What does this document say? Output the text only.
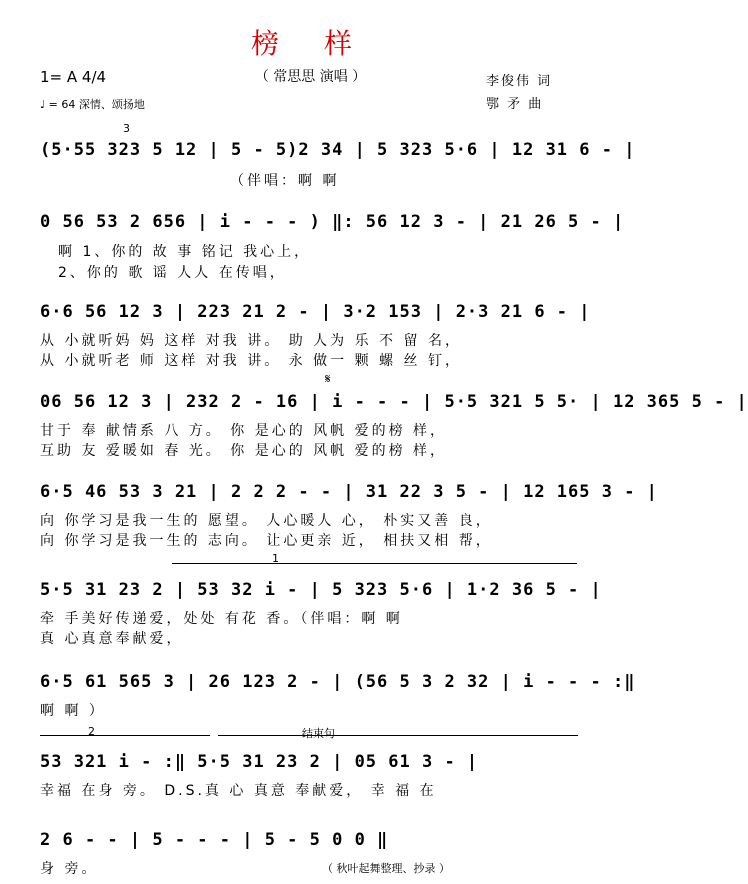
榜 样
（ 常思思 演唱 ）
1= A 4/4
♩ = 64 深情、颂扬地
李俊伟 词
鄂 矛 曲
(5·55 323 5 12 | 5 - 5)2 34 | 5 323 5·6 | 12 31 6 - |
（伴唱：啊 啊
3
0 56 53 2 656 | i - - - ) ‖: 56 12 3 - | 21 26 5 - |
啊 1、你的 故 事 铭记 我心上，
2、你的 歌 谣 人人 在传唱，
6·6 56 12 3 | 223 21 2 - | 3·2 153 | 2·3 21 6 - |
从 小就听妈 妈 这样 对我 讲。 助 人为 乐 不 留 名，
从 小就听老 师 这样 对我 讲。 永 做一 颗 螺 丝 钉，
06 56 12 3 | 232 2 - 16 | i - - - | 5·5 321 5 5· | 12 365 5 - |
𝄋
甘于 奉 献情系 八 方。 你 是心的 风帆 爱的榜 样，
互助 友 爱暖如 春 光。 你 是心的 风帆 爱的榜 样，
6·5 46 53 3 21 | 2 2 2 - - | 31 22 3 5 - | 12 165 3 - |
向 你学习是我一生的 愿望。 人心暖人 心， 朴实又善 良，
向 你学习是我一生的 志向。 让心更亲 近， 相扶又相 帮，
1
5·5 31 23 2 | 53 32 i - | 5 323 5·6 | 1·2 36 5 - |
牵 手美好传递爱，处处 有花 香。（伴唱：啊 啊
真 心真意奉献爱，
6·5 61 565 3 | 26 123 2 - | (56 5 3 2 32 | i - - - :‖
啊 啊 ）
2	结束句
53 321 i - :‖ 5·5 31 23 2 | 05 61 3 - |
幸福 在身 旁。 D.S.真 心 真意 奉献爱， 幸 福 在
2 6 - - | 5 - - - | 5 - 5 0 0 ‖
身 旁。	（ 秋叶起舞整理、抄录 ）
